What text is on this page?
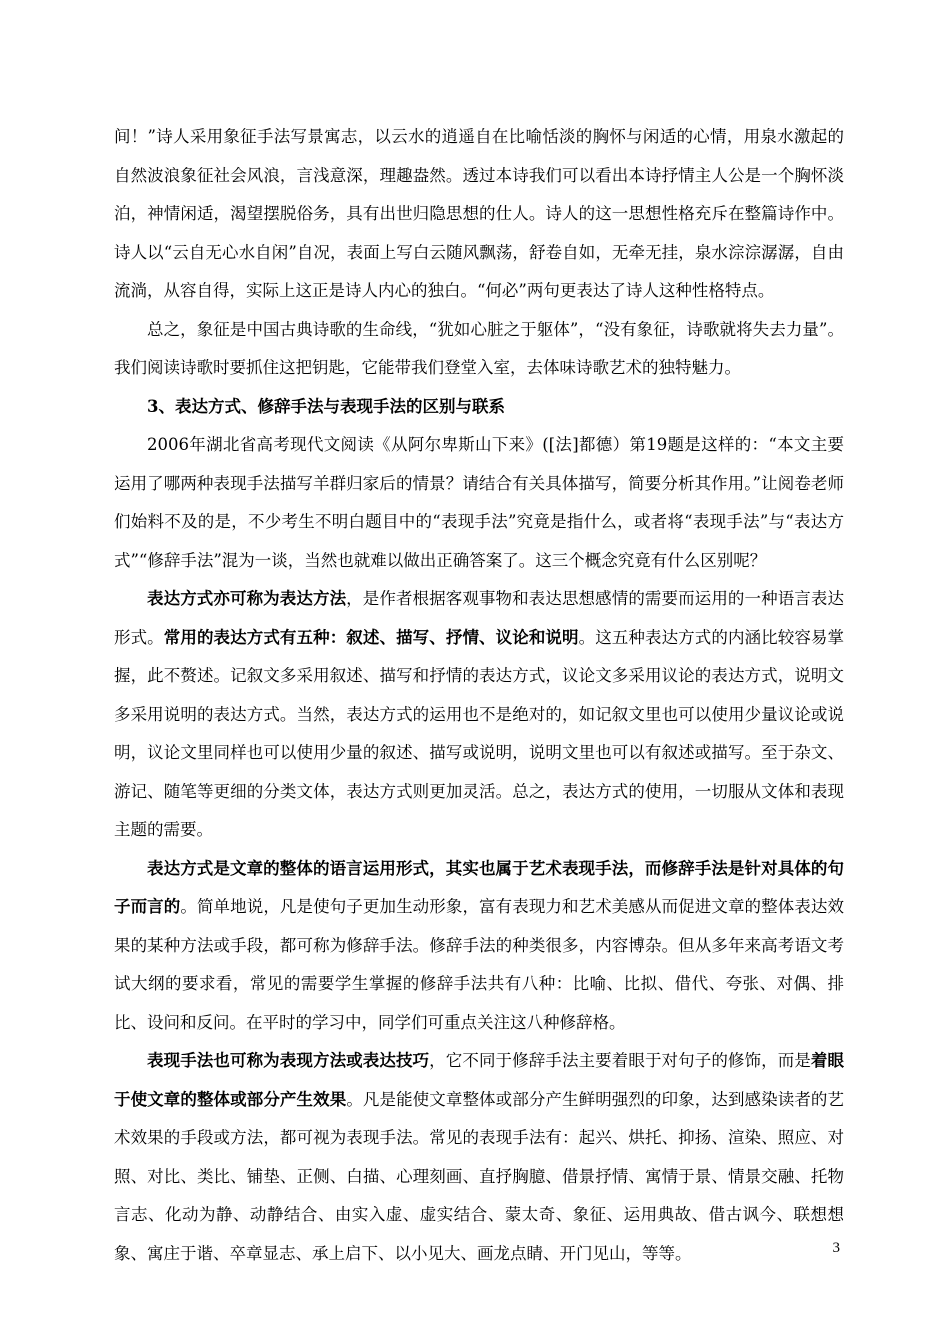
间！”诗人采用象征手法写景寓志，以云水的逍遥自在比喻恬淡的胸怀与闲适的心情，用泉水激起的自然波浪象征社会风浪，言浅意深，理趣盎然。透过本诗我们可以看出本诗抒情主人公是一个胸怀淡泊，神情闲适，渴望摆脱俗务，具有出世归隐思想的仕人。诗人的这一思想性格充斥在整篇诗作中。诗人以“云自无心水自闲”自况，表面上写白云随风飘荡，舒卷自如，无牵无挂，泉水淙淙潺潺，自由流淌，从容自得，实际上这正是诗人内心的独白。“何必”两句更表达了诗人这种性格特点。

总之，象征是中国古典诗歌的生命线，“犹如心脏之于躯体”，“没有象征，诗歌就将失去力量”。我们阅读诗歌时要抓住这把钥匙，它能带我们登堂入室，去体味诗歌艺术的独特魅力。

3、表达方式、修辞手法与表现手法的区别与联系

2006年湖北省高考现代文阅读《从阿尔卑斯山下来》([法]都德）第19题是这样的：“本文主要运用了哪两种表现手法描写羊群归家后的情景？请结合有关具体描写，简要分析其作用。”让阅卷老师们始料不及的是，不少考生不明白题目中的“表现手法”究竟是指什么，或者将“表现手法”与“表达方式”“修辞手法”混为一谈，当然也就难以做出正确答案了。这三个概念究竟有什么区别呢？

表达方式亦可称为表达方法，是作者根据客观事物和表达思想感情的需要而运用的一种语言表达形式。常用的表达方式有五种：叙述、描写、抒情、议论和说明。这五种表达方式的内涵比较容易掌握，此不赘述。记叙文多采用叙述、描写和抒情的表达方式，议论文多采用议论的表达方式，说明文多采用说明的表达方式。当然，表达方式的运用也不是绝对的，如记叙文里也可以使用少量议论或说明，议论文里同样也可以使用少量的叙述、描写或说明，说明文里也可以有叙述或描写。至于杂文、游记、随笔等更细的分类文体，表达方式则更加灵活。总之，表达方式的使用，一切服从文体和表现主题的需要。

表达方式是文章的整体的语言运用形式，其实也属于艺术表现手法，而修辞手法是针对具体的句子而言的。简单地说，凡是使句子更加生动形象，富有表现力和艺术美感从而促进文章的整体表达效果的某种方法或手段，都可称为修辞手法。修辞手法的种类很多，内容博杂。但从多年来高考语文考试大纲的要求看，常见的需要学生掌握的修辞手法共有八种：比喻、比拟、借代、夸张、对偶、排比、设问和反问。在平时的学习中，同学们可重点关注这八种修辞格。

表现手法也可称为表现方法或表达技巧，它不同于修辞手法主要着眼于对句子的修饰，而是着眼于使文章的整体或部分产生效果。凡是能使文章整体或部分产生鲜明强烈的印象，达到感染读者的艺术效果的手段或方法，都可视为表现手法。常见的表现手法有：起兴、烘托、抑扬、渲染、照应、对照、对比、类比、铺垫、正侧、白描、心理刻画、直抒胸臆、借景抒情、寓情于景、情景交融、托物言志、化动为静、动静结合、由实入虚、虚实结合、蒙太奇、象征、运用典故、借古讽今、联想想象、寓庄于谐、卒章显志、承上启下、以小见大、画龙点睛、开门见山，等等。	3
